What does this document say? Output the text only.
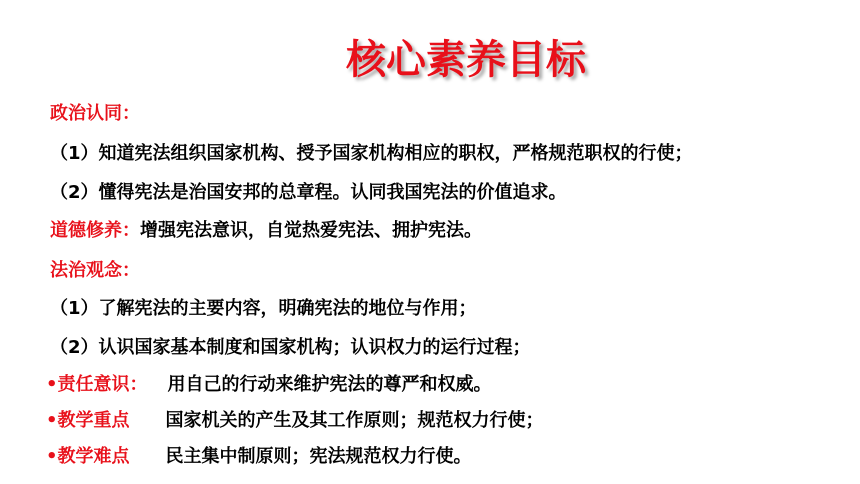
核心素养目标
政治认同：
（1）知道宪法组织国家机构、授予国家机构相应的职权，严格规范职权的行使；
（2）懂得宪法是治国安邦的总章程。认同我国宪法的价值追求。
道德修养：增强宪法意识，自觉热爱宪法、拥护宪法。
法治观念：
（1）了解宪法的主要内容，明确宪法的地位与作用；
（2）认识国家基本制度和国家机构；认识权力的运行过程；
•责任意识： 用自己的行动来维护宪法的尊严和权威。
•教学重点 国家机关的产生及其工作原则；规范权力行使；
•教学难点 民主集中制原则；宪法规范权力行使。
